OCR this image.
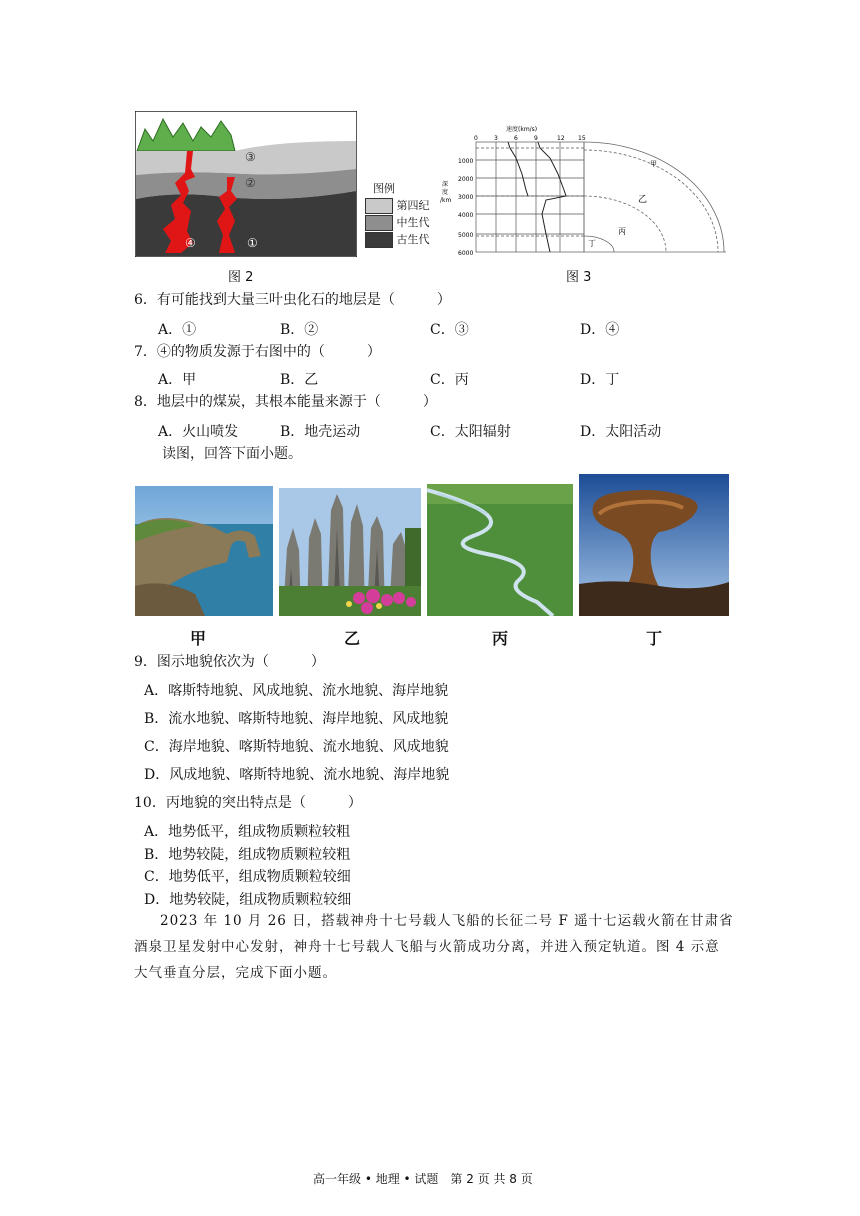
③
②
④	①
图例
第四纪
中生代
古生代
图 2
速度(km/s)
0	3	6	9	12 15
1000
2000
3000
4000
5000
6000
深
度
/km
甲
乙
丙
丁
图 3
6．有可能找到大量三叶虫化石的地层是（　　　）
A．①	B．②	C．③	D．④
7．④的物质发源于右图中的（　　　）
A．甲	B．乙	C．丙	D．丁
8．地层中的煤炭，其根本能量来源于（　　　）
A．火山喷发	B．地壳运动	C．太阳辐射	D．太阳活动
读图，回答下面小题。
甲	乙	丙	丁
9．图示地貌依次为（　　　）
A．喀斯特地貌、风成地貌、流水地貌、海岸地貌
B．流水地貌、喀斯特地貌、海岸地貌、风成地貌
C．海岸地貌、喀斯特地貌、流水地貌、风成地貌
D．风成地貌、喀斯特地貌、流水地貌、海岸地貌
10．丙地貌的突出特点是（　　　）
A．地势低平，组成物质颗粒较粗
B．地势较陡，组成物质颗粒较粗
C．地势低平，组成物质颗粒较细
D．地势较陡，组成物质颗粒较细
2023 年 10 月 26 日，搭载神舟十七号载人飞船的长征二号 F 遥十七运载火箭在甘肃省
酒泉卫星发射中心发射，神舟十七号载人飞船与火箭成功分离，并进入预定轨道。图 4 示意
大气垂直分层，完成下面小题。
高一年级 • 地理 • 试题　第 2 页 共 8 页
